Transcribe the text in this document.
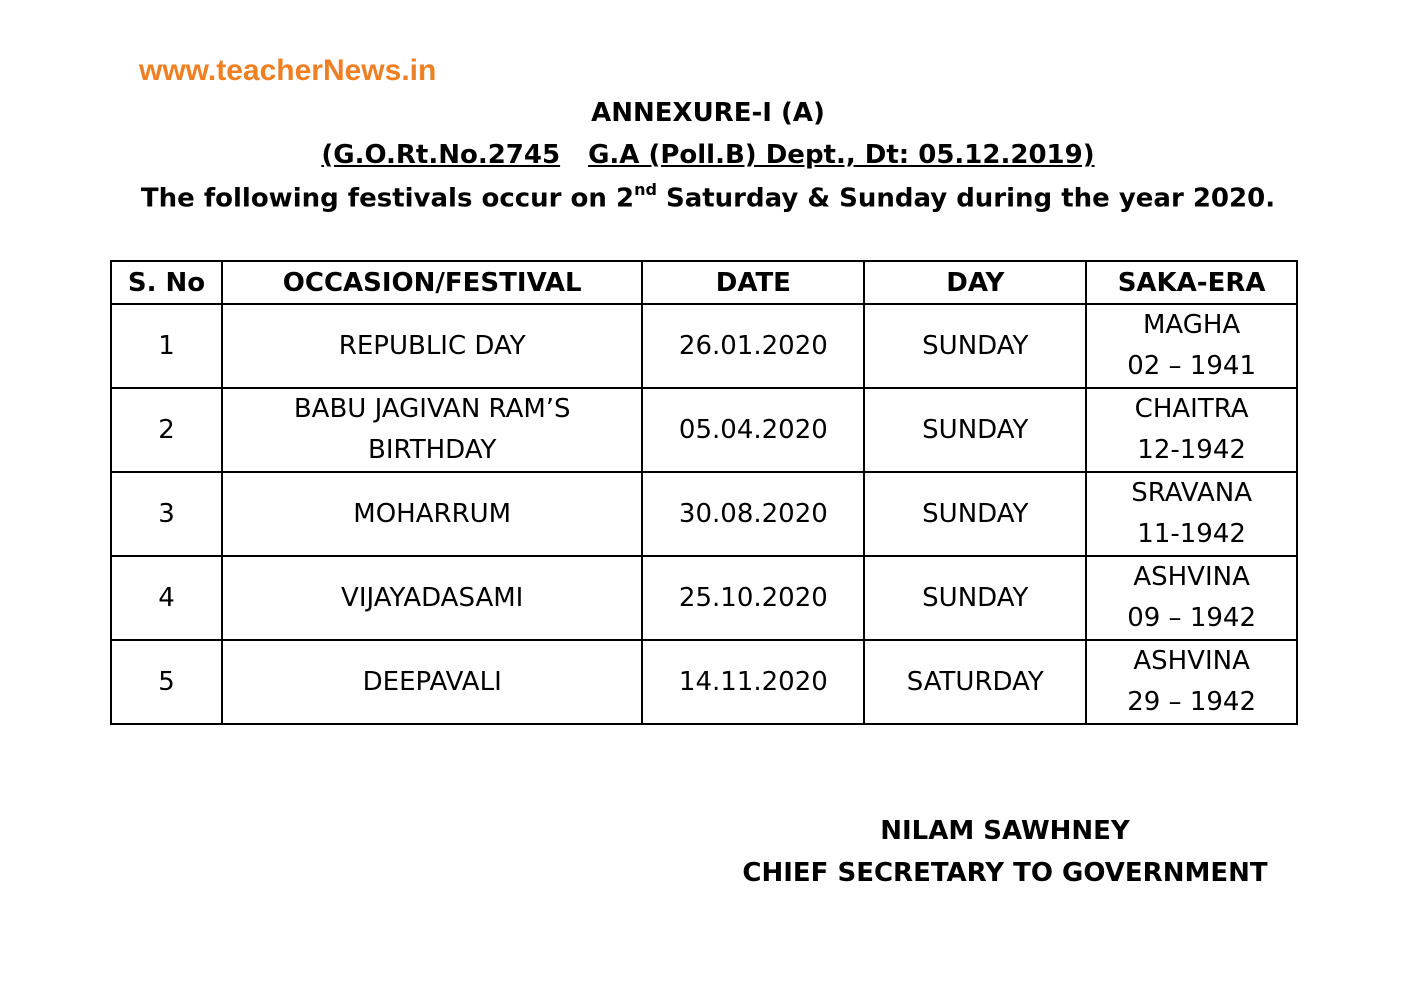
www.teacherNews.in
ANNEXURE-I (A)
(G.O.Rt.No.2745 G.A (Poll.B) Dept., Dt: 05.12.2019)
The following festivals occur on 2nd Saturday & Sunday during the year 2020.
S. No	OCCASION/FESTIVAL	DATE	DAY	SAKA-ERA
1	REPUBLIC DAY	26.01.2020	SUNDAY	MAGHA
02 – 1941

2	BABU JAGIVAN RAM’S
BIRTHDAY	05.04.2020	SUNDAY	CHAITRA
12-1942

3	MOHARRUM	30.08.2020	SUNDAY	SRAVANA
11-1942

4	VIJAYADASAMI	25.10.2020	SUNDAY	ASHVINA
09 – 1942

5	DEEPAVALI	14.11.2020	SATURDAY	ASHVINA
29 – 1942
NILAM SAWHNEY
CHIEF SECRETARY TO GOVERNMENT
